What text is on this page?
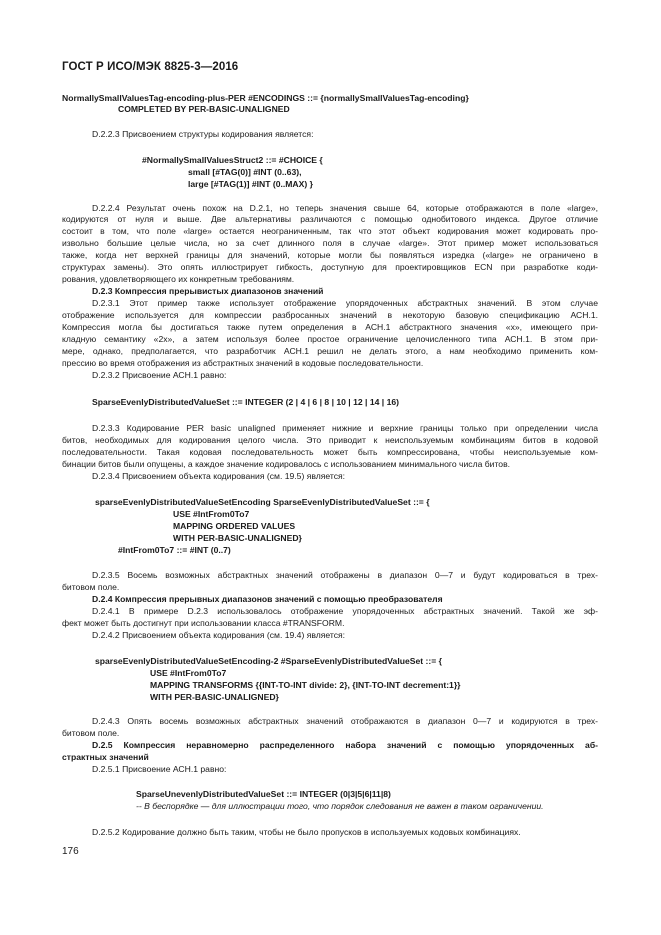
ГОСТ Р ИСО/МЭК 8825-3—2016
NormallySmallValuesTag-encoding-plus-PER #ENCODINGS ::= {normallySmallValuesTag-encoding}
COMPLETED BY PER-BASIC-UNALIGNED
D.2.2.3 Присвоением структуры кодирования является:
#NormallySmallValuesStruct2 ::= #CHOICE {
small [#TAG(0)] #INT (0..63),
large [#TAG(1)] #INT (0..MAX) }
D.2.2.4 Результат очень похож на D.2.1, но теперь значения свыше 64, которые отображаются в поле «large»,
кодируются от нуля и выше. Две альтернативы различаются с помощью однобитового индекса. Другое отличие
состоит в том, что поле «large» остается неограниченным, так что этот объект кодирования может кодировать про-
извольно большие целые числа, но за счет длинного поля в случае «large». Этот пример может использоваться
также, когда нет верхней границы для значений, которые могли бы появляться изредка («large» не ограничено в
структурах замены). Это опять иллюстрирует гибкость, доступную для проектировщиков ECN при разработке коди-
рования, удовлетворяющего их конкретным требованиям.
D.2.3 Компрессия прерывистых диапазонов значений
D.2.3.1 Этот пример также использует отображение упорядоченных абстрактных значений. В этом случае
отображение используется для компрессии разбросанных значений в некоторую базовую спецификацию АСН.1.
Компрессия могла бы достигаться также путем определения в АСН.1 абстрактного значения «x», имеющего при-
кладную семантику «2x», а затем используя более простое ограничение целочисленного типа АСН.1. В этом при-
мере, однако, предполагается, что разработчик АСН.1 решил не делать этого, а нам необходимо применить ком-
прессию во время отображения из абстрактных значений в кодовые последовательности.
D.2.3.2 Присвоение АСН.1 равно:
SparseEvenlyDistributedValueSet ::= INTEGER (2 | 4 | 6 | 8 | 10 | 12 | 14 | 16)
D.2.3.3 Кодирование PER basic unaligned применяет нижние и верхние границы только при определении числа
битов, необходимых для кодирования целого числа. Это приводит к неиспользуемым комбинациям битов в кодовой
последовательности. Такая кодовая последовательность может быть компрессирована, чтобы неиспользуемые ком-
бинации битов были опущены, а каждое значение кодировалось с использованием минимального числа битов.
D.2.3.4 Присвоением объекта кодирования (см. 19.5) является:
sparseEvenlyDistributedValueSetEncoding SparseEvenlyDistributedValueSet ::= {
USE #IntFrom0To7
MAPPING ORDERED VALUES
WITH PER-BASIC-UNALIGNED}
#IntFrom0To7 ::= #INT (0..7)
D.2.3.5 Восемь возможных абстрактных значений отображены в диапазон 0—7 и будут кодироваться в трех-
битовом поле.
D.2.4 Компрессия прерывных диапазонов значений с помощью преобразователя
D.2.4.1 В примере D.2.3 использовалось отображение упорядоченных абстрактных значений. Такой же эф-
фект может быть достигнут при использовании класса #TRANSFORM.
D.2.4.2 Присвоением объекта кодирования (см. 19.4) является:
sparseEvenlyDistributedValueSetEncoding-2 #SparseEvenlyDistributedValueSet ::= {
USE #IntFrom0To7
MAPPING TRANSFORMS {{INT-TO-INT divide: 2}, {INT-TO-INT decrement:1}}
WITH PER-BASIC-UNALIGNED}
D.2.4.3 Опять восемь возможных абстрактных значений отображаются в диапазон 0—7 и кодируются в трех-
битовом поле.
D.2.5 Компрессия неравномерно распределенного набора значений с помощью упорядоченных аб-
страктных значений
D.2.5.1 Присвоение АСН.1 равно:
SparseUnevenlyDistributedValueSet ::= INTEGER (0|3|5|6|11|8)
-- В беспорядке — для иллюстрации того, что порядок следования не важен в таком ограничении.
D.2.5.2 Кодирование должно быть таким, чтобы не было пропусков в используемых кодовых комбинациях.
176
